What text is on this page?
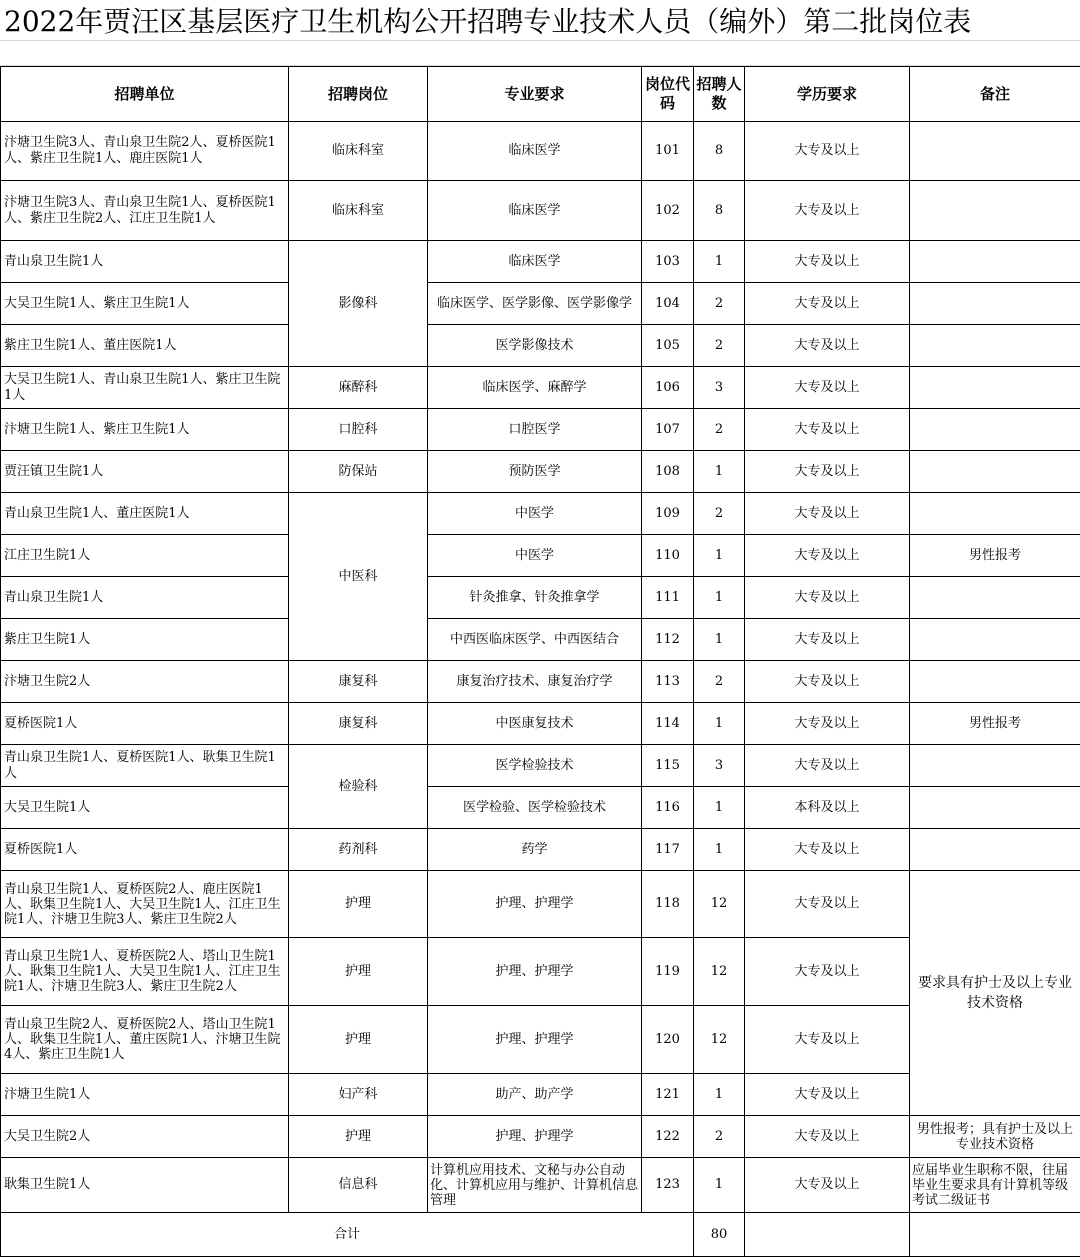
2022年贾汪区基层医疗卫生机构公开招聘专业技术人员（编外）第二批岗位表
招聘单位	招聘岗位	专业要求	岗位代码	招聘人数	学历要求	备注
汴塘卫生院3人、青山泉卫生院2人、夏桥医院1人、紫庄卫生院1人、鹿庄医院1人	临床科室	临床医学	101	8	大专及以上	
汴塘卫生院3人、青山泉卫生院1人、夏桥医院1人、紫庄卫生院2人、江庄卫生院1人	临床科室	临床医学	102	8	大专及以上	
青山泉卫生院1人	影像科	临床医学	103	1	大专及以上	
大吴卫生院1人、紫庄卫生院1人		临床医学、医学影像、医学影像学	104	2	大专及以上	
紫庄卫生院1人、董庄医院1人		医学影像技术	105	2	大专及以上	
大吴卫生院1人、青山泉卫生院1人、紫庄卫生院1人	麻醉科	临床医学、麻醉学	106	3	大专及以上	
汴塘卫生院1人、紫庄卫生院1人	口腔科	口腔医学	107	2	大专及以上	
贾汪镇卫生院1人	防保站	预防医学	108	1	大专及以上	
青山泉卫生院1人、董庄医院1人	中医科	中医学	109	2	大专及以上	
江庄卫生院1人		中医学	110	1	大专及以上	男性报考
青山泉卫生院1人		针灸推拿、针灸推拿学	111	1	大专及以上	
紫庄卫生院1人		中西医临床医学、中西医结合	112	1	大专及以上	
汴塘卫生院2人	康复科	康复治疗技术、康复治疗学	113	2	大专及以上	
夏桥医院1人	康复科	中医康复技术	114	1	大专及以上	男性报考
青山泉卫生院1人、夏桥医院1人、耿集卫生院1人	检验科	医学检验技术	115	3	大专及以上	
大吴卫生院1人		医学检验、医学检验技术	116	1	本科及以上	
夏桥医院1人	药剂科	药学	117	1	大专及以上	
青山泉卫生院1人、夏桥医院2人、鹿庄医院1人、耿集卫生院1人、大吴卫生院1人、江庄卫生院1人、汴塘卫生院3人、紫庄卫生院2人	护理	护理、护理学	118	12	大专及以上	要求具有护士及以上专业技术资格
青山泉卫生院1人、夏桥医院2人、塔山卫生院1人、耿集卫生院1人、大吴卫生院1人、江庄卫生院1人、汴塘卫生院3人、紫庄卫生院2人	护理	护理、护理学	119	12	大专及以上	
青山泉卫生院2人、夏桥医院2人、塔山卫生院1人、耿集卫生院1人、董庄医院1人、汴塘卫生院4人、紫庄卫生院1人	护理	护理、护理学	120	12	大专及以上	
汴塘卫生院1人	妇产科	助产、助产学	121	1	大专及以上	
大吴卫生院2人	护理	护理、护理学	122	2	大专及以上	男性报考；具有护士及以上专业技术资格
耿集卫生院1人	信息科	计算机应用技术、文秘与办公自动化、计算机应用与维护、计算机信息管理	123	1	大专及以上	应届毕业生职称不限，往届毕业生要求具有计算机等级考试二级证书
合计				80		
